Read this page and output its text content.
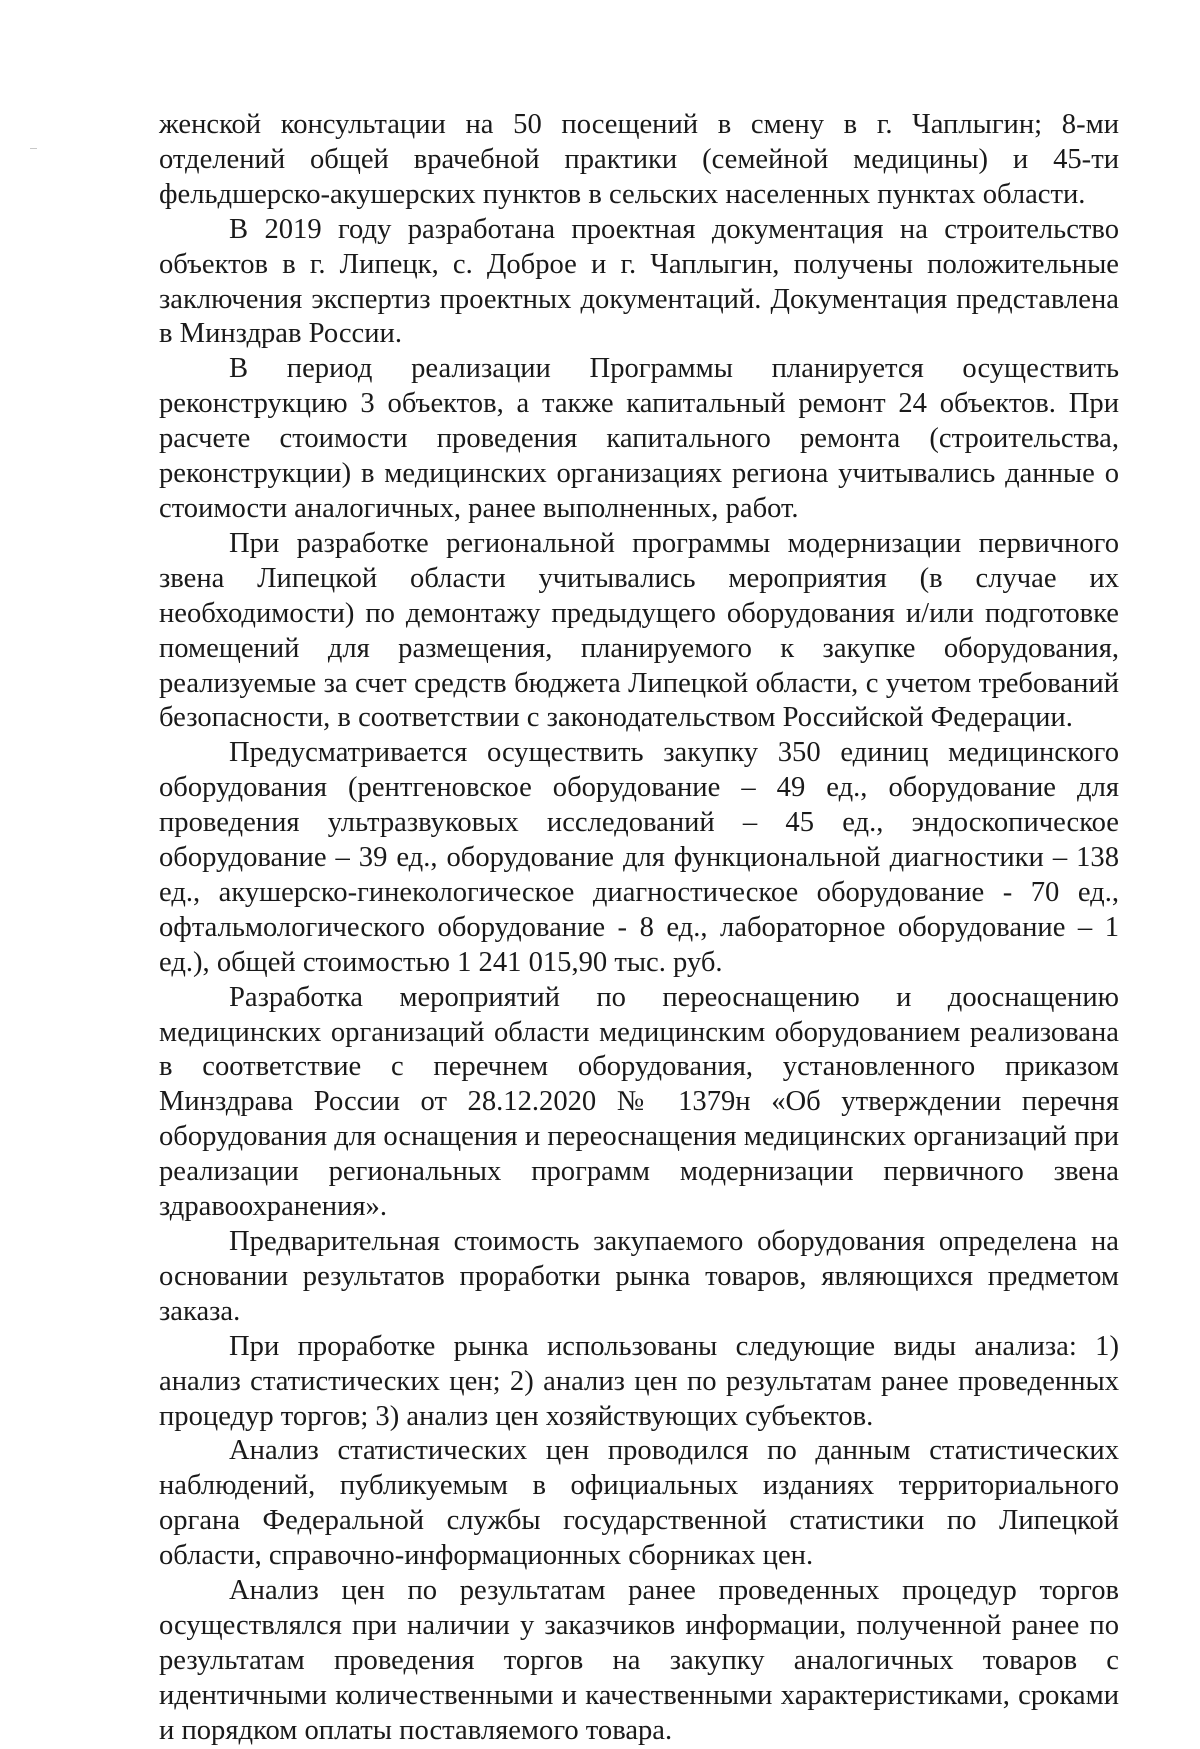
женской консультации на 50 посещений в смену в г. Чаплыгин; 8-ми отделений общей врачебной практики (семейной медицины) и 45-ти фельдшерско-акушерских пунктов в сельских населенных пунктах области.

В 2019 году разработана проектная документация на строительство объектов в г. Липецк, с. Доброе и г. Чаплыгин, получены положительные заключения экспертиз проектных документаций. Документация представлена в Минздрав России.

В период реализации Программы планируется осуществить реконструкцию 3 объектов, а также капитальный ремонт 24 объектов. При расчете стоимости проведения капитального ремонта (строительства, реконструкции) в медицинских организациях региона учитывались данные о стоимости аналогичных, ранее выполненных, работ.

При разработке региональной программы модернизации первичного звена Липецкой области учитывались мероприятия (в случае их необходимости) по демонтажу предыдущего оборудования и/или подготовке помещений для размещения, планируемого к закупке оборудования, реализуемые за счет средств бюджета Липецкой области, с учетом требований безопасности, в соответствии с законодательством Российской Федерации.

Предусматривается осуществить закупку 350 единиц медицинского оборудования (рентгеновское оборудование – 49 ед., оборудование для проведения ультразвуковых исследований – 45 ед., эндоскопическое оборудование – 39 ед., оборудование для функциональной диагностики – 138 ед., акушерско-гинекологическое диагностическое оборудование - 70 ед., офтальмологического оборудование - 8 ед., лабораторное оборудование – 1 ед.), общей стоимостью 1 241 015,90 тыс. руб.

Разработка мероприятий по переоснащению и дооснащению медицинских организаций области медицинским оборудованием реализована в соответствие с перечнем оборудования, установленного приказом Минздрава России от 28.12.2020 № 1379н «Об утверждении перечня оборудования для оснащения и переоснащения медицинских организаций при реализации региональных программ модернизации первичного звена здравоохранения».

Предварительная стоимость закупаемого оборудования определена на основании результатов проработки рынка товаров, являющихся предметом заказа.

При проработке рынка использованы следующие виды анализа: 1) анализ статистических цен; 2) анализ цен по результатам ранее проведенных процедур торгов; 3) анализ цен хозяйствующих субъектов.

Анализ статистических цен проводился по данным статистических наблюдений, публикуемым в официальных изданиях территориального органа Федеральной службы государственной статистики по Липецкой области, справочно-информационных сборниках цен.

Анализ цен по результатам ранее проведенных процедур торгов осуществлялся при наличии у заказчиков информации, полученной ранее по результатам проведения торгов на закупку аналогичных товаров с идентичными количественными и качественными характеристиками, сроками и порядком оплаты поставляемого товара.
